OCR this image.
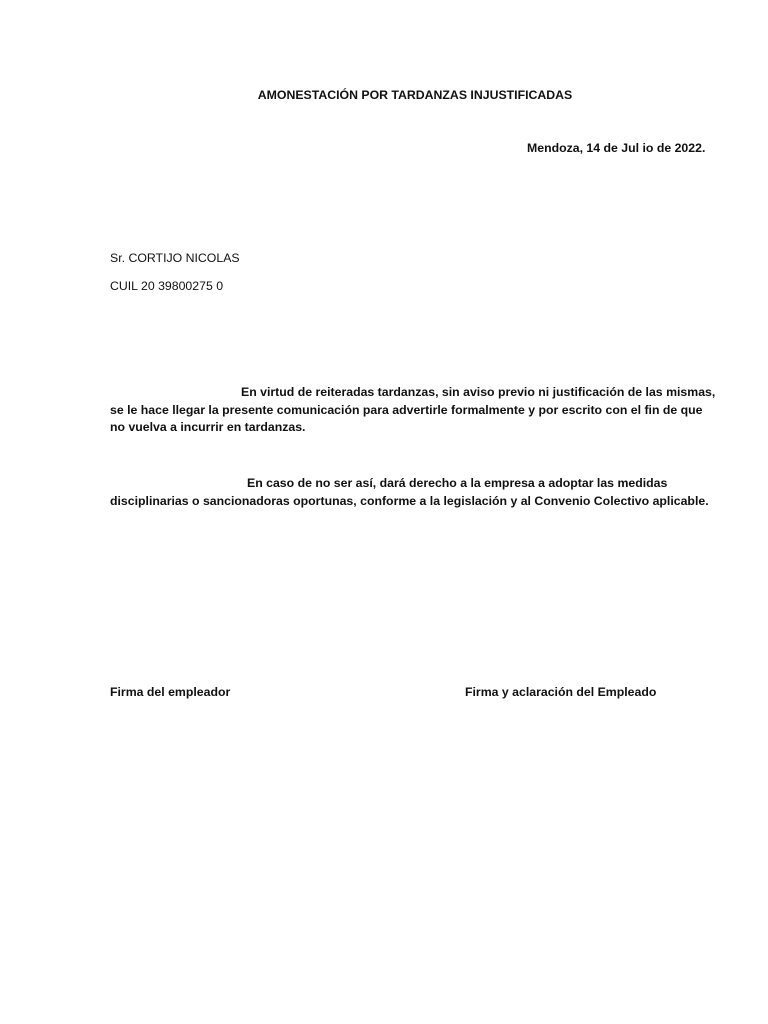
AMONESTACIÓN POR TARDANZAS INJUSTIFICADAS

Mendoza, 14 de Jul io de 2022.

Sr. CORTIJO NICOLAS

CUIL 20 39800275 0

En virtud de reiteradas tardanzas, sin aviso previo ni justificación de las mismas, se le hace llegar la presente comunicación para advertirle formalmente y por escrito con el fin de que no vuelva a incurrir en tardanzas.

En caso de no ser así, dará derecho a la empresa a adoptar las medidas disciplinarias o sancionadoras oportunas, conforme a la legislación y al Convenio Colectivo aplicable.

Firma del empleador	Firma y aclaración del Empleado
